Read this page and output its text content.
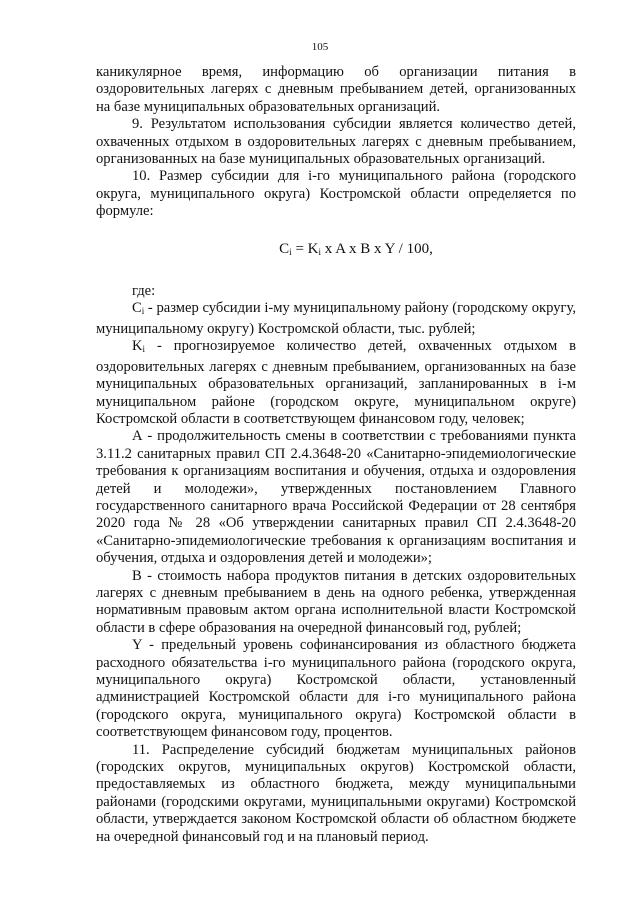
105

каникулярное время, информацию об организации питания в оздоровительных лагерях с дневным пребыванием детей, организованных на базе муниципальных образовательных организаций.

9. Результатом использования субсидии является количество детей, охваченных отдыхом в оздоровительных лагерях с дневным пребыванием, организованных на базе муниципальных образовательных организаций.

10. Размер субсидии для i-го муниципального района (городского округа, муниципального округа) Костромской области определяется по формуле:

$C_i = K_i$ x A x B x Y / 100,

где:

$C_i$ - размер субсидии i-му муниципальному району (городскому округу, муниципальному округу) Костромской области, тыс. рублей;

$K_i$ - прогнозируемое количество детей, охваченных отдыхом в оздоровительных лагерях с дневным пребыванием, организованных на базе муниципальных образовательных организаций, запланированных в i-м муниципальном районе (городском округе, муниципальном округе) Костромской области в соответствующем финансовом году, человек;

А - продолжительность смены в соответствии с требованиями пункта 3.11.2 санитарных правил СП 2.4.3648-20 «Санитарно-эпидемиологические требования к организациям воспитания и обучения, отдыха и оздоровления детей и молодежи», утвержденных постановлением Главного государственного санитарного врача Российской Федерации от 28 сентября 2020 года № 28 «Об утверждении санитарных правил СП 2.4.3648-20 «Санитарно-эпидемиологические требования к организациям воспитания и обучения, отдыха и оздоровления детей и молодежи»;

В - стоимость набора продуктов питания в детских оздоровительных лагерях с дневным пребыванием в день на одного ребенка, утвержденная нормативным правовым актом органа исполнительной власти Костромской области в сфере образования на очередной финансовый год, рублей;

Y - предельный уровень софинансирования из областного бюджета расходного обязательства i-го муниципального района (городского округа, муниципального округа) Костромской области, установленный администрацией Костромской области для i-го муниципального района (городского округа, муниципального округа) Костромской области в соответствующем финансовом году, процентов.

11. Распределение субсидий бюджетам муниципальных районов (городских округов, муниципальных округов) Костромской области, предоставляемых из областного бюджета, между муниципальными районами (городскими округами, муниципальными округами) Костромской области, утверждается законом Костромской области об областном бюджете на очередной финансовый год и на плановый период.
